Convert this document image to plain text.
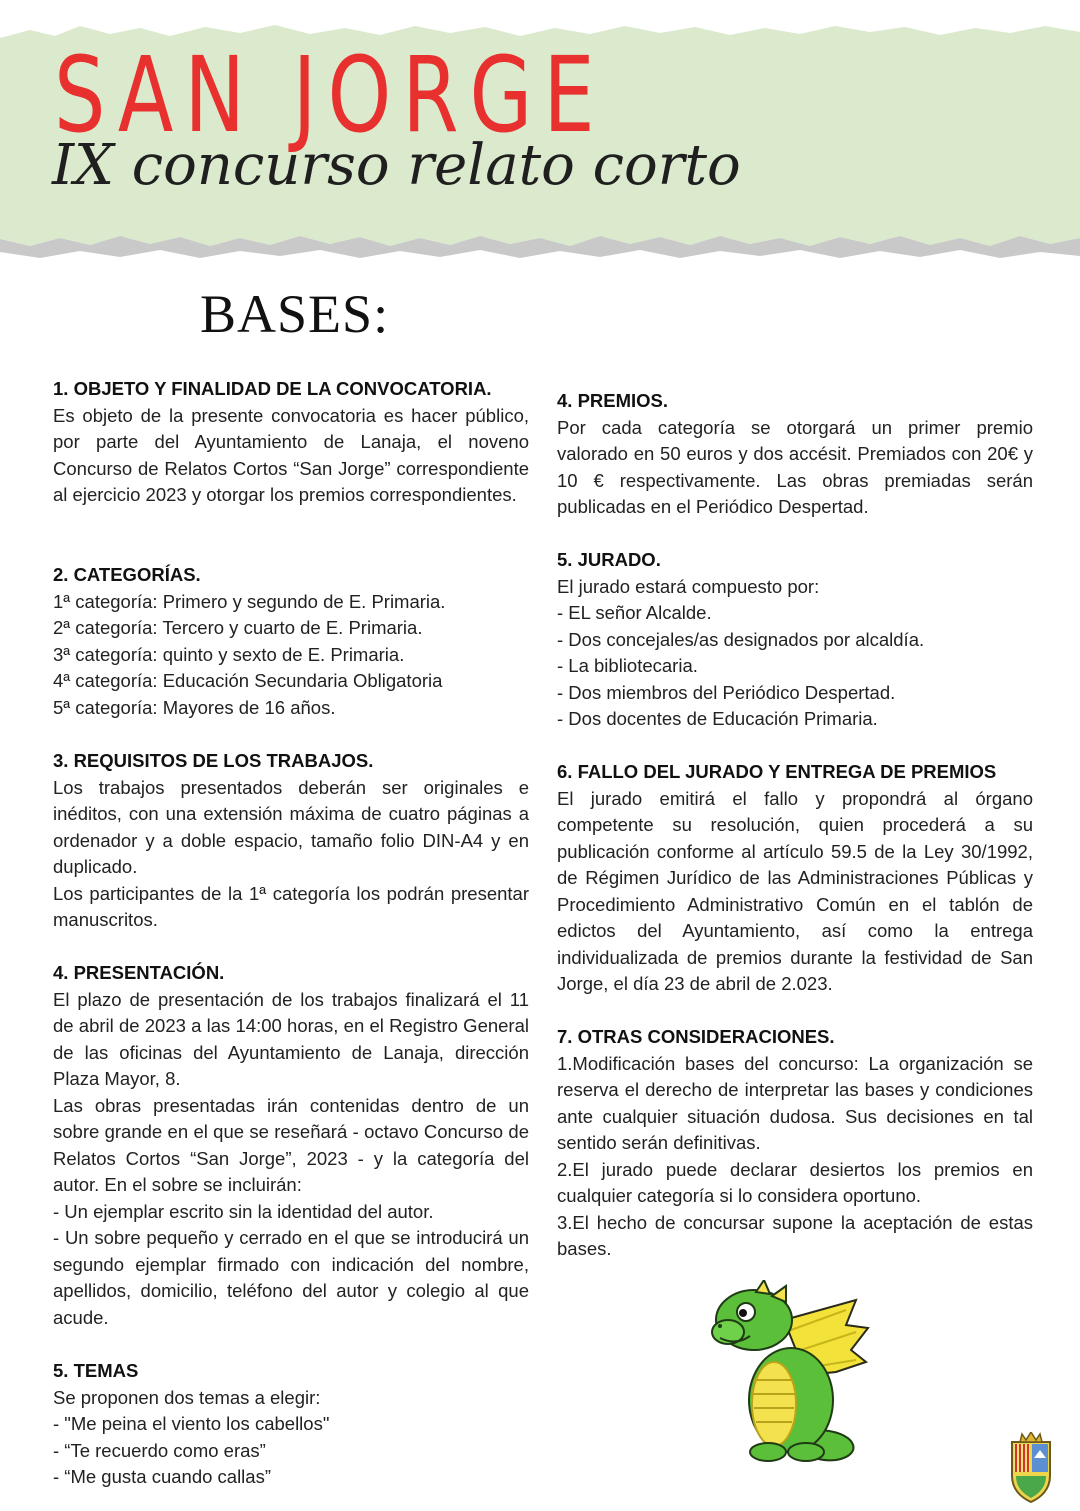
SAN JORGE
IX concurso relato corto
BASES:
1. OBJETO Y FINALIDAD DE LA CONVOCATORIA.

Es objeto de la presente convocatoria es hacer público, por parte del Ayuntamiento de Lanaja, el noveno Concurso de Relatos Cortos “San Jorge” correspondiente al ejercicio 2023 y otorgar los premios correspondientes.

2. CATEGORÍAS.
1ª categoría: Primero y segundo de E. Primaria.
2ª categoría: Tercero y cuarto de E. Primaria.
3ª categoría: quinto y sexto de E. Primaria.
4ª categoría: Educación Secundaria Obligatoria
5ª categoría: Mayores de 16 años.
3. REQUISITOS DE LOS TRABAJOS.

Los trabajos presentados deberán ser originales e inéditos, con una extensión máxima de cuatro páginas a ordenador y a doble espacio, tamaño folio DIN-A4 y en duplicado.

Los participantes de la 1ª categoría los podrán presentar manuscritos.

4. PRESENTACIÓN.

El plazo de presentación de los trabajos finalizará el 11 de abril de 2023 a las 14:00 horas, en el Registro General de las oficinas del Ayuntamiento de Lanaja, dirección Plaza Mayor, 8.

Las obras presentadas irán contenidas dentro de un sobre grande en el que se reseñará - octavo Concurso de Relatos Cortos “San Jorge”, 2023 - y la categoría del autor. En el sobre se incluirán:

- Un ejemplar escrito sin la identidad del autor.

- Un sobre pequeño y cerrado en el que se introducirá un segundo ejemplar firmado con indicación del nombre, apellidos, domicilio, teléfono del autor y colegio al que acude.

5. TEMAS
Se proponen dos temas a elegir:
- "Me peina el viento los cabellos"
- “Te recuerdo como eras”
- “Me gusta cuando callas”
4. PREMIOS.

Por cada categoría se otorgará un primer premio valorado en 50 euros y dos accésit. Premiados con 20€ y 10 € respectivamente. Las obras premiadas serán publicadas en el Periódico Despertad.

5. JURADO.
El jurado estará compuesto por:
- EL señor Alcalde.
- Dos concejales/as designados por alcaldía.
- La bibliotecaria.
- Dos miembros del Periódico Despertad.
- Dos docentes de Educación Primaria.
6. FALLO DEL JURADO Y ENTREGA DE PREMIOS

El jurado emitirá el fallo y propondrá al órgano competente su resolución, quien procederá a su publicación conforme al artículo 59.5 de la Ley 30/1992, de Régimen Jurídico de las Administraciones Públicas y Procedimiento Administrativo Común en el tablón de edictos del Ayuntamiento, así como la entrega individualizada de premios durante la festividad de San Jorge, el día 23 de abril de 2.023.

7. OTRAS CONSIDERACIONES.

1.Modificación bases del concurso: La organización se reserva el derecho de interpretar las bases y condiciones ante cualquier situación dudosa. Sus decisiones en tal sentido serán definitivas.

2.El jurado puede declarar desiertos los premios en cualquier categoría si lo considera oportuno.

3.El hecho de concursar supone la aceptación de estas bases.
